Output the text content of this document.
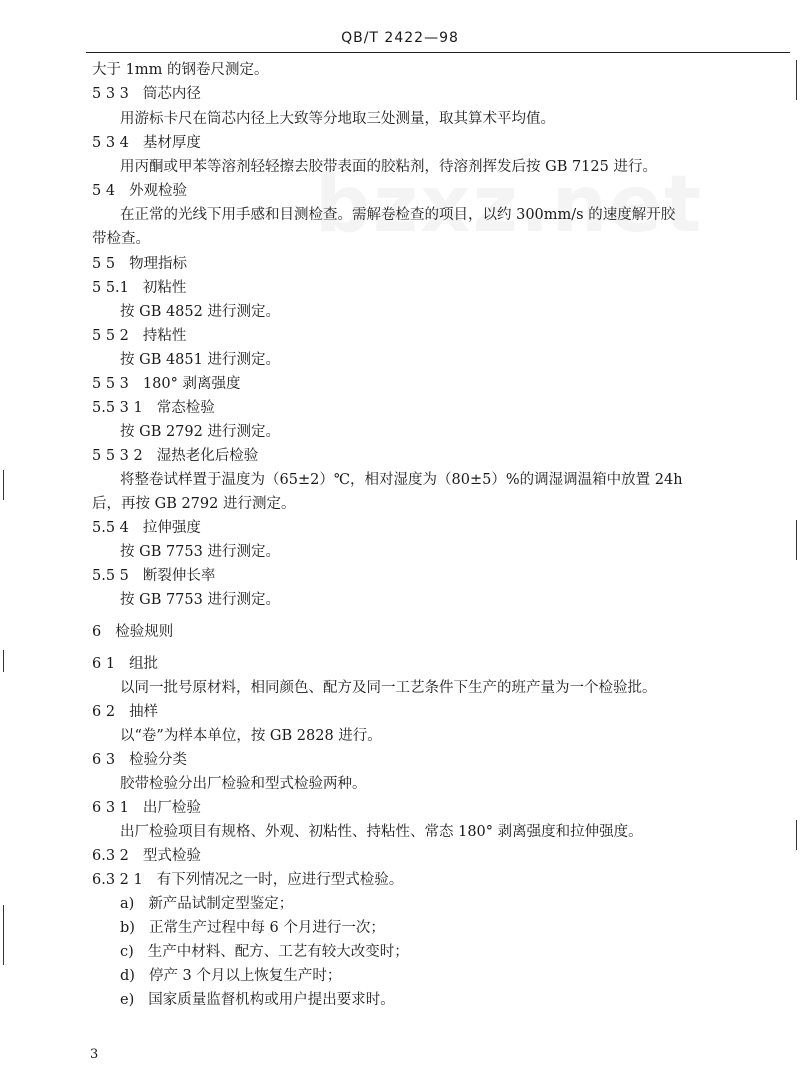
QB/T 2422—98
大于 1mm 的钢卷尺测定。
5 3 3 筒芯内径
用游标卡尺在筒芯内径上大致等分地取三处测量，取其算术平均值。
5 3 4 基材厚度
用丙酮或甲苯等溶剂轻轻擦去胶带表面的胶粘剂，待溶剂挥发后按 GB 7125 进行。
5 4 外观检验
在正常的光线下用手感和目测检查。需解卷检查的项目，以约 300mm/s 的速度解开胶
带检查。
5 5 物理指标
5 5.1 初粘性
按 GB 4852 进行测定。
5 5 2 持粘性
按 GB 4851 进行测定。
5 5 3 180° 剥离强度
5.5 3 1 常态检验
按 GB 2792 进行测定。
5 5 3 2 湿热老化后检验
将整卷试样置于温度为（65±2）℃，相对湿度为（80±5）%的调湿调温箱中放置 24h
后，再按 GB 2792 进行测定。
5.5 4 拉伸强度
按 GB 7753 进行测定。
5.5 5 断裂伸长率
按 GB 7753 进行测定。
6 检验规则
6 1 组批
以同一批号原材料，相同颜色、配方及同一工艺条件下生产的班产量为一个检验批。
6 2 抽样
以“卷”为样本单位，按 GB 2828 进行。
6 3 检验分类
胶带检验分出厂检验和型式检验两种。
6 3 1 出厂检验
出厂检验项目有规格、外观、初粘性、持粘性、常态 180° 剥离强度和拉伸强度。
6.3 2 型式检验
6.3 2 1 有下列情况之一时，应进行型式检验。
a) 新产品试制定型鉴定；
b) 正常生产过程中每 6 个月进行一次；
c) 生产中材料、配方、工艺有较大改变时；
d) 停产 3 个月以上恢复生产时；
e) 国家质量监督机构或用户提出要求时。
3
